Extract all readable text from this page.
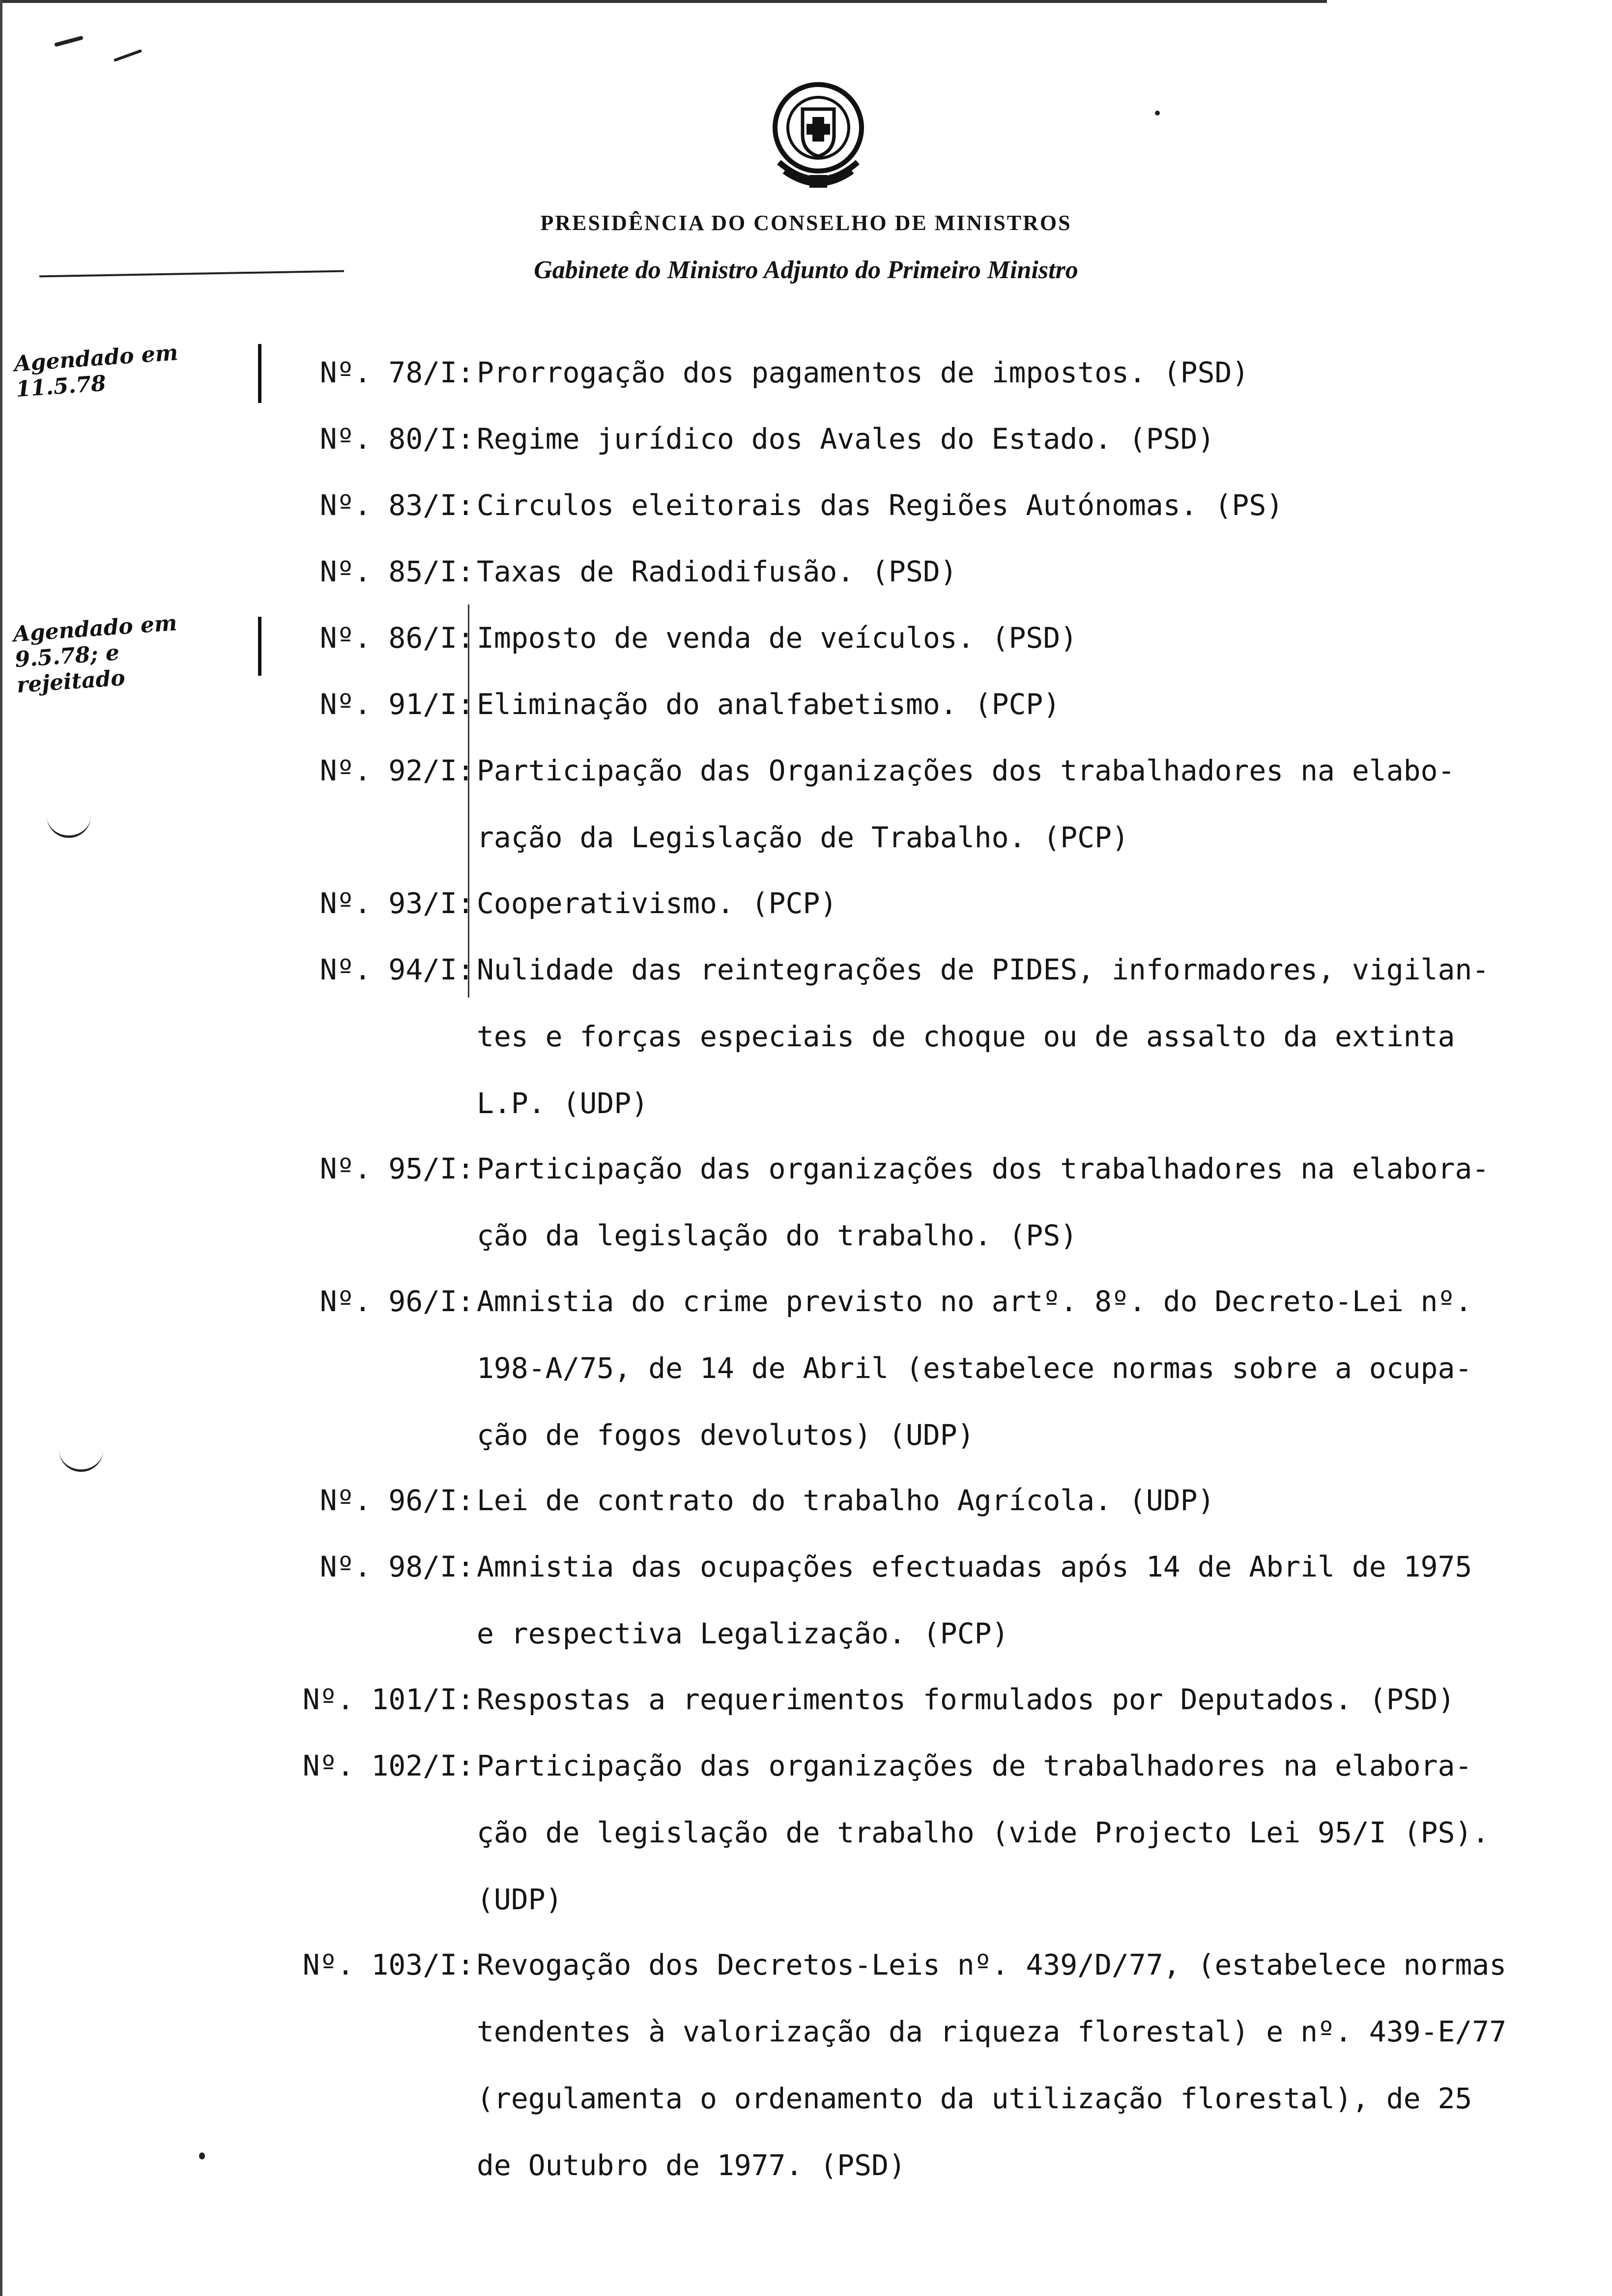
PRESIDÊNCIA DO CONSELHO DE MINISTROS
Gabinete do Ministro Adjunto do Primeiro Ministro
Agendado em 11.5.78
Agendado em 9.5.78; e rejeitado
Nº. 78/I: Prorrogação dos pagamentos de impostos. (PSD)
Nº. 80/I: Regime jurídico dos Avales do Estado. (PSD)
Nº. 83/I: Circulos eleitorais das Regiões Autónomas. (PS)
Nº. 85/I: Taxas de Radiodifusão. (PSD)
Nº. 86/I: Imposto de venda de veículos. (PSD)
Nº. 91/I: Eliminação do analfabetismo. (PCP)
Nº. 92/I: Participação das Organizações dos trabalhadores na elabo-
ração da Legislação de Trabalho. (PCP)
Nº. 93/I: Cooperativismo. (PCP)
Nº. 94/I: Nulidade das reintegrações de PIDES, informadores, vigilan-
tes e forças especiais de choque ou de assalto da extinta
L.P. (UDP)
Nº. 95/I: Participação das organizações dos trabalhadores na elabora-
ção da legislação do trabalho. (PS)
Nº. 96/I: Amnistia do crime previsto no artº. 8º. do Decreto-Lei nº.
198-A/75, de 14 de Abril (estabelece normas sobre a ocupa-
ção de fogos devolutos) (UDP)
Nº. 96/I: Lei de contrato do trabalho Agrícola. (UDP)
Nº. 98/I: Amnistia das ocupações efectuadas após 14 de Abril de 1975
e respectiva Legalização. (PCP)
Nº. 101/I: Respostas a requerimentos formulados por Deputados. (PSD)
Nº. 102/I: Participação das organizações de trabalhadores na elabora-
ção de legislação de trabalho (vide Projecto Lei 95/I (PS).
(UDP)
Nº. 103/I: Revogação dos Decretos-Leis nº. 439/D/77, (estabelece normas
tendentes à valorização da riqueza florestal) e nº. 439-E/77
(regulamenta o ordenamento da utilização florestal), de 25
de Outubro de 1977. (PSD)
